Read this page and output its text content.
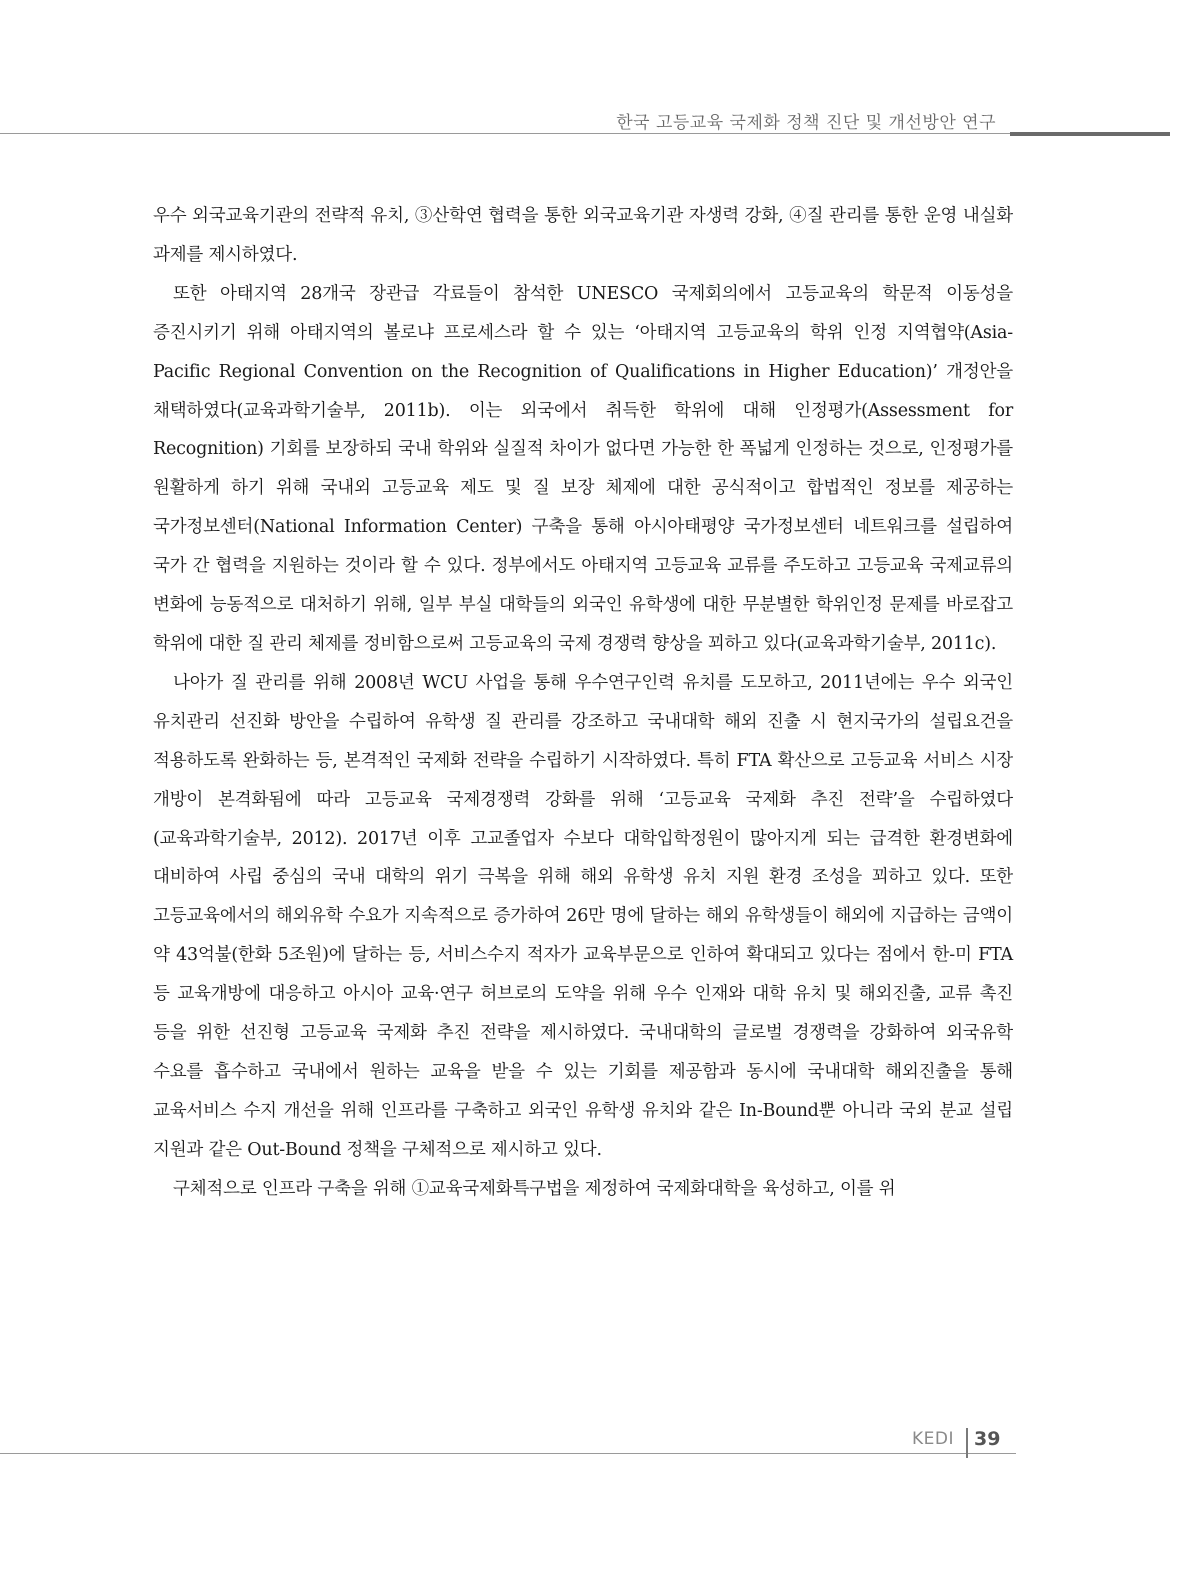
한국 고등교육 국제화 정책 진단 및 개선방안 연구

우수 외국교육기관의 전략적 유치, ③산학연 협력을 통한 외국교육기관 자생력 강화, ④질 관리를 통한 운영 내실화 과제를 제시하였다.

또한 아태지역 28개국 장관급 각료들이 참석한 UNESCO 국제회의에서 고등교육의 학문적 이동성을 증진시키기 위해 아태지역의 볼로냐 프로세스라 할 수 있는 ‘아태지역 고등교육의 학위 인정 지역협약(Asia-Pacific Regional Convention on the Recognition of Qualifications in Higher Education)’ 개정안을 채택하였다(교육과학기술부, 2011b). 이는 외국에서 취득한 학위에 대해 인정평가(Assessment for Recognition) 기회를 보장하되 국내 학위와 실질적 차이가 없다면 가능한 한 폭넓게 인정하는 것으로, 인정평가를 원활하게 하기 위해 국내외 고등교육 제도 및 질 보장 체제에 대한 공식적이고 합법적인 정보를 제공하는 국가정보센터(National Information Center) 구축을 통해 아시아태평양 국가정보센터 네트워크를 설립하여 국가 간 협력을 지원하는 것이라 할 수 있다. 정부에서도 아태지역 고등교육 교류를 주도하고 고등교육 국제교류의 변화에 능동적으로 대처하기 위해, 일부 부실 대학들의 외국인 유학생에 대한 무분별한 학위인정 문제를 바로잡고 학위에 대한 질 관리 체제를 정비함으로써 고등교육의 국제 경쟁력 향상을 꾀하고 있다(교육과학기술부, 2011c).

나아가 질 관리를 위해 2008년 WCU 사업을 통해 우수연구인력 유치를 도모하고, 2011년에는 우수 외국인 유치관리 선진화 방안을 수립하여 유학생 질 관리를 강조하고 국내대학 해외 진출 시 현지국가의 설립요건을 적용하도록 완화하는 등, 본격적인 국제화 전략을 수립하기 시작하였다. 특히 FTA 확산으로 고등교육 서비스 시장 개방이 본격화됨에 따라 고등교육 국제경쟁력 강화를 위해 ‘고등교육 국제화 추진 전략’을 수립하였다(교육과학기술부, 2012). 2017년 이후 고교졸업자 수보다 대학입학정원이 많아지게 되는 급격한 환경변화에 대비하여 사립 중심의 국내 대학의 위기 극복을 위해 해외 유학생 유치 지원 환경 조성을 꾀하고 있다. 또한 고등교육에서의 해외유학 수요가 지속적으로 증가하여 26만 명에 달하는 해외 유학생들이 해외에 지급하는 금액이 약 43억불(한화 5조원)에 달하는 등, 서비스수지 적자가 교육부문으로 인하여 확대되고 있다는 점에서 한-미 FTA 등 교육개방에 대응하고 아시아 교육·연구 허브로의 도약을 위해 우수 인재와 대학 유치 및 해외진출, 교류 촉진 등을 위한 선진형 고등교육 국제화 추진 전략을 제시하였다. 국내대학의 글로벌 경쟁력을 강화하여 외국유학 수요를 흡수하고 국내에서 원하는 교육을 받을 수 있는 기회를 제공함과 동시에 국내대학 해외진출을 통해 교육서비스 수지 개선을 위해 인프라를 구축하고 외국인 유학생 유치와 같은 In-Bound뿐 아니라 국외 분교 설립 지원과 같은 Out-Bound 정책을 구체적으로 제시하고 있다.

구체적으로 인프라 구축을 위해 ①교육국제화특구법을 제정하여 국제화대학을 육성하고, 이를 위

KEDI 39
